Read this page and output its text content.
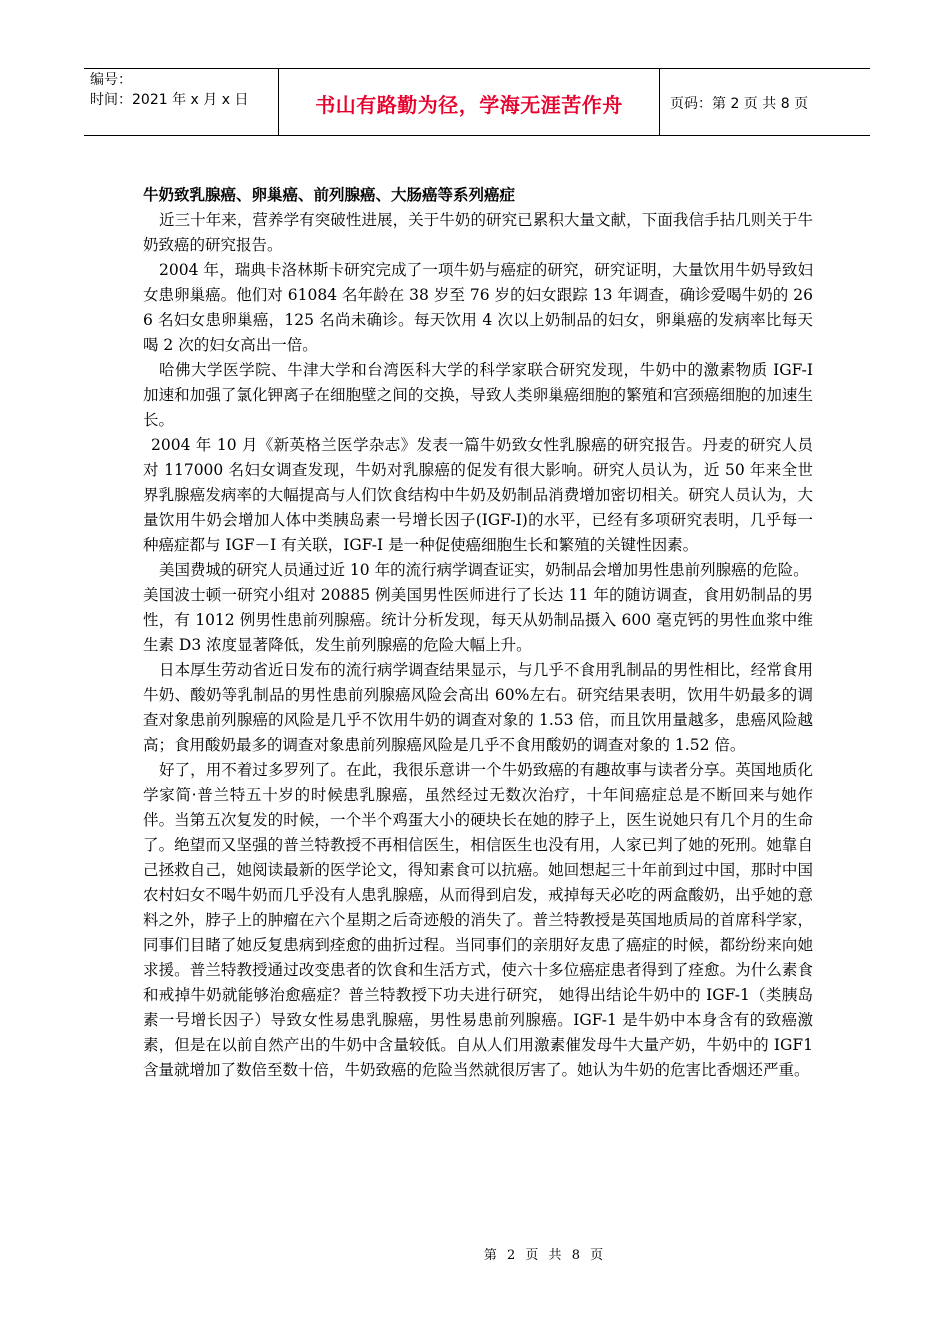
编号：
时间：2021 年 x 月 x 日	书山有路勤为径，学海无涯苦作舟	页码：第 2 页 共 8 页

牛奶致乳腺癌、卵巢癌、前列腺癌、大肠癌等系列癌症

近三十年来，营养学有突破性进展，关于牛奶的研究已累积大量文献，下面我信手拈几则关于牛奶致癌的研究报告。

2004 年，瑞典卡洛林斯卡研究完成了一项牛奶与癌症的研究，研究证明，大量饮用牛奶导致妇女患卵巢癌。他们对 61084 名年龄在 38 岁至 76 岁的妇女跟踪 13 年调查，确诊爱喝牛奶的 266 名妇女患卵巢癌，125 名尚未确诊。每天饮用 4 次以上奶制品的妇女，卵巢癌的发病率比每天喝 2 次的妇女高出一倍。

哈佛大学医学院、牛津大学和台湾医科大学的科学家联合研究发现，牛奶中的激素物质 IGF-I 加速和加强了氯化钾离子在细胞壁之间的交换，导致人类卵巢癌细胞的繁殖和宫颈癌细胞的加速生长。

2004 年 10 月《新英格兰医学杂志》发表一篇牛奶致女性乳腺癌的研究报告。丹麦的研究人员对 117000 名妇女调查发现，牛奶对乳腺癌的促发有很大影响。研究人员认为，近 50 年来全世界乳腺癌发病率的大幅提高与人们饮食结构中牛奶及奶制品消费增加密切相关。研究人员认为，大量饮用牛奶会增加人体中类胰岛素一号增长因子(IGF-I)的水平，已经有多项研究表明，几乎每一种癌症都与 IGF－I 有关联，IGF-I 是一种促使癌细胞生长和繁殖的关键性因素。

美国费城的研究人员通过近 10 年的流行病学调查证实，奶制品会增加男性患前列腺癌的危险。

美国波士顿一研究小组对 20885 例美国男性医师进行了长达 11 年的随访调查，食用奶制品的男性，有 1012 例男性患前列腺癌。统计分析发现，每天从奶制品摄入 600 毫克钙的男性血浆中维生素 D3 浓度显著降低，发生前列腺癌的危险大幅上升。

日本厚生劳动省近日发布的流行病学调查结果显示，与几乎不食用乳制品的男性相比，经常食用牛奶、酸奶等乳制品的男性患前列腺癌风险会高出 60%左右。研究结果表明，饮用牛奶最多的调查对象患前列腺癌的风险是几乎不饮用牛奶的调查对象的 1.53 倍，而且饮用量越多，患癌风险越高；食用酸奶最多的调查对象患前列腺癌风险是几乎不食用酸奶的调查对象的 1.52 倍。

好了，用不着过多罗列了。在此，我很乐意讲一个牛奶致癌的有趣故事与读者分享。英国地质化学家简·普兰特五十岁的时候患乳腺癌，虽然经过无数次治疗，十年间癌症总是不断回来与她作伴。当第五次复发的时候，一个半个鸡蛋大小的硬块长在她的脖子上，医生说她只有几个月的生命了。绝望而又坚强的普兰特教授不再相信医生，相信医生也没有用，人家已判了她的死刑。她靠自己拯救自己，她阅读最新的医学论文，得知素食可以抗癌。她回想起三十年前到过中国，那时中国农村妇女不喝牛奶而几乎没有人患乳腺癌，从而得到启发，戒掉每天必吃的两盒酸奶，出乎她的意料之外，脖子上的肿瘤在六个星期之后奇迹般的消失了。普兰特教授是英国地质局的首席科学家，同事们目睹了她反复患病到痊愈的曲折过程。当同事们的亲朋好友患了癌症的时候，都纷纷来向她求援。普兰特教授通过改变患者的饮食和生活方式，使六十多位癌症患者得到了痊愈。为什么素食和戒掉牛奶就能够治愈癌症？普兰特教授下功夫进行研究， 她得出结论牛奶中的 IGF-1（类胰岛素一号增长因子）导致女性易患乳腺癌，男性易患前列腺癌。IGF-1 是牛奶中本身含有的致癌激素，但是在以前自然产出的牛奶中含量较低。自从人们用激素催发母牛大量产奶，牛奶中的 IGF1 含量就增加了数倍至数十倍，牛奶致癌的危险当然就很厉害了。她认为牛奶的危害比香烟还严重。

第 2 页 共 8 页
